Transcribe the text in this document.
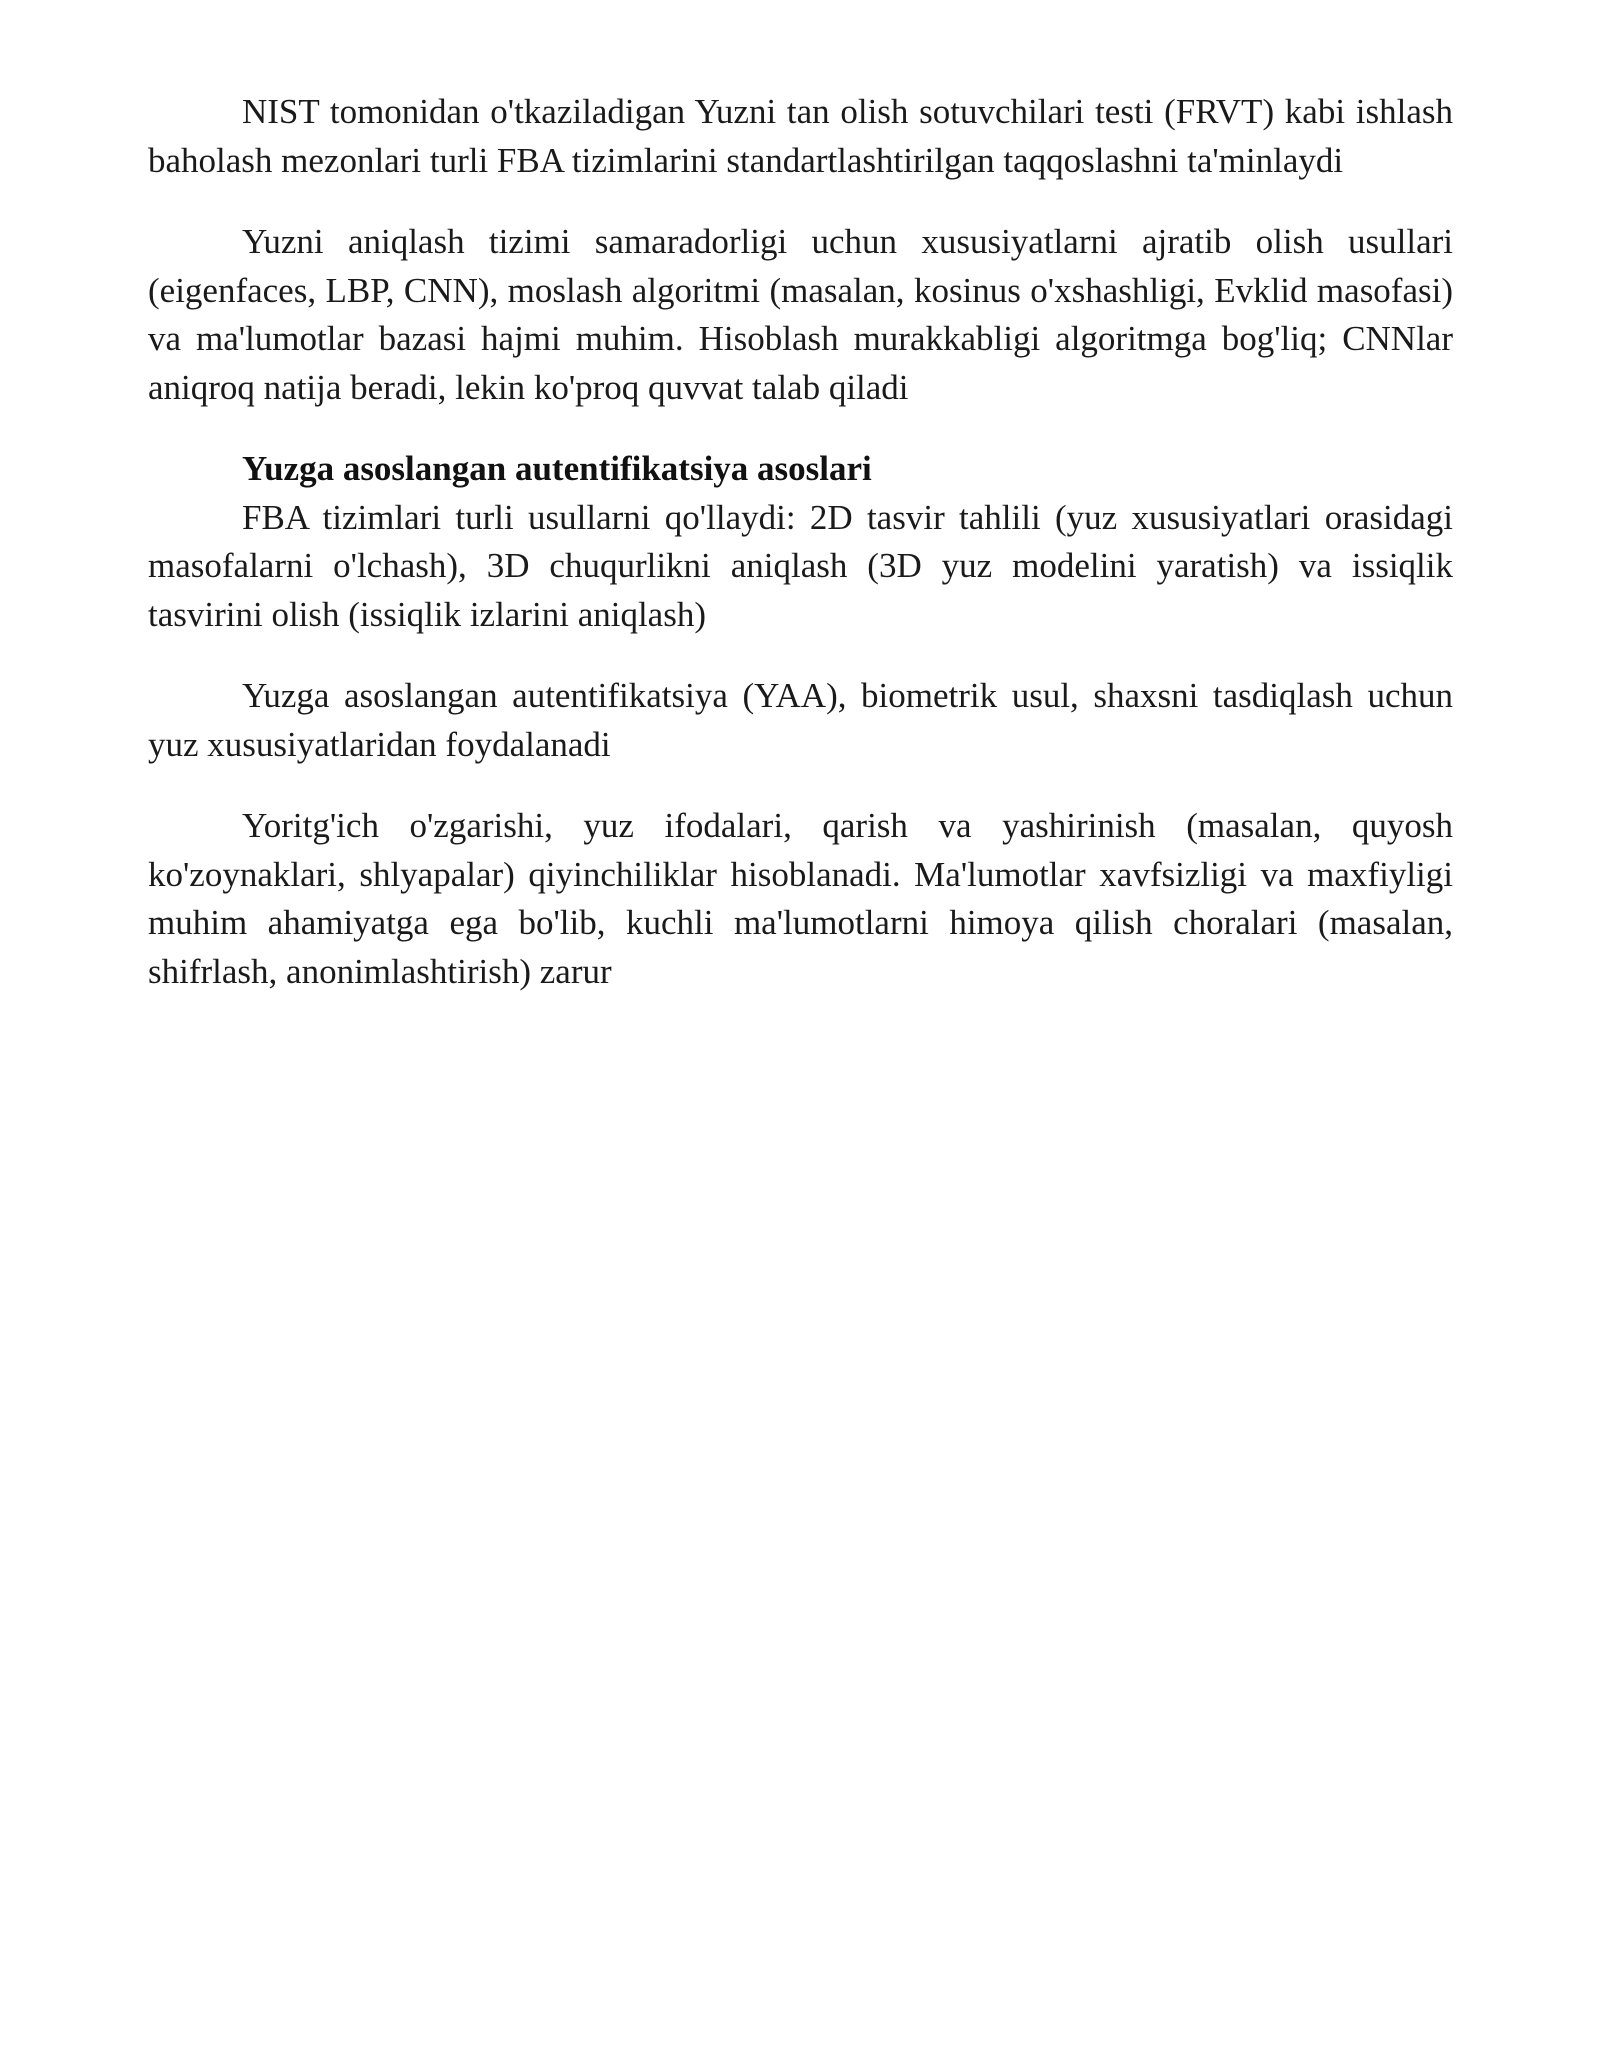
NIST tomonidan o'tkaziladigan Yuzni tan olish sotuvchilari testi (FRVT) kabi ishlash baholash mezonlari turli FBA tizimlarini standartlashtirilgan taqqoslashni ta'minlaydi

Yuzni aniqlash tizimi samaradorligi uchun xususiyatlarni ajratib olish usullari (eigenfaces, LBP, CNN), moslash algoritmi (masalan, kosinus o'xshashligi, Evklid masofasi) va ma'lumotlar bazasi hajmi muhim. Hisoblash murakkabligi algoritmga bog'liq; CNNlar aniqroq natija beradi, lekin ko'proq quvvat talab qiladi

Yuzga asoslangan autentifikatsiya asoslari

FBA tizimlari turli usullarni qo'llaydi: 2D tasvir tahlili (yuz xususiyatlari orasidagi masofalarni o'lchash), 3D chuqurlikni aniqlash (3D yuz modelini yaratish) va issiqlik tasvirini olish (issiqlik izlarini aniqlash)

Yuzga asoslangan autentifikatsiya (YAA), biometrik usul, shaxsni tasdiqlash uchun yuz xususiyatlaridan foydalanadi

Yoritg'ich o'zgarishi, yuz ifodalari, qarish va yashirinish (masalan, quyosh ko'zoynaklari, shlyapalar) qiyinchiliklar hisoblanadi. Ma'lumotlar xavfsizligi va maxfiyligi muhim ahamiyatga ega bo'lib, kuchli ma'lumotlarni himoya qilish choralari (masalan, shifrlash, anonimlashtirish) zarur
